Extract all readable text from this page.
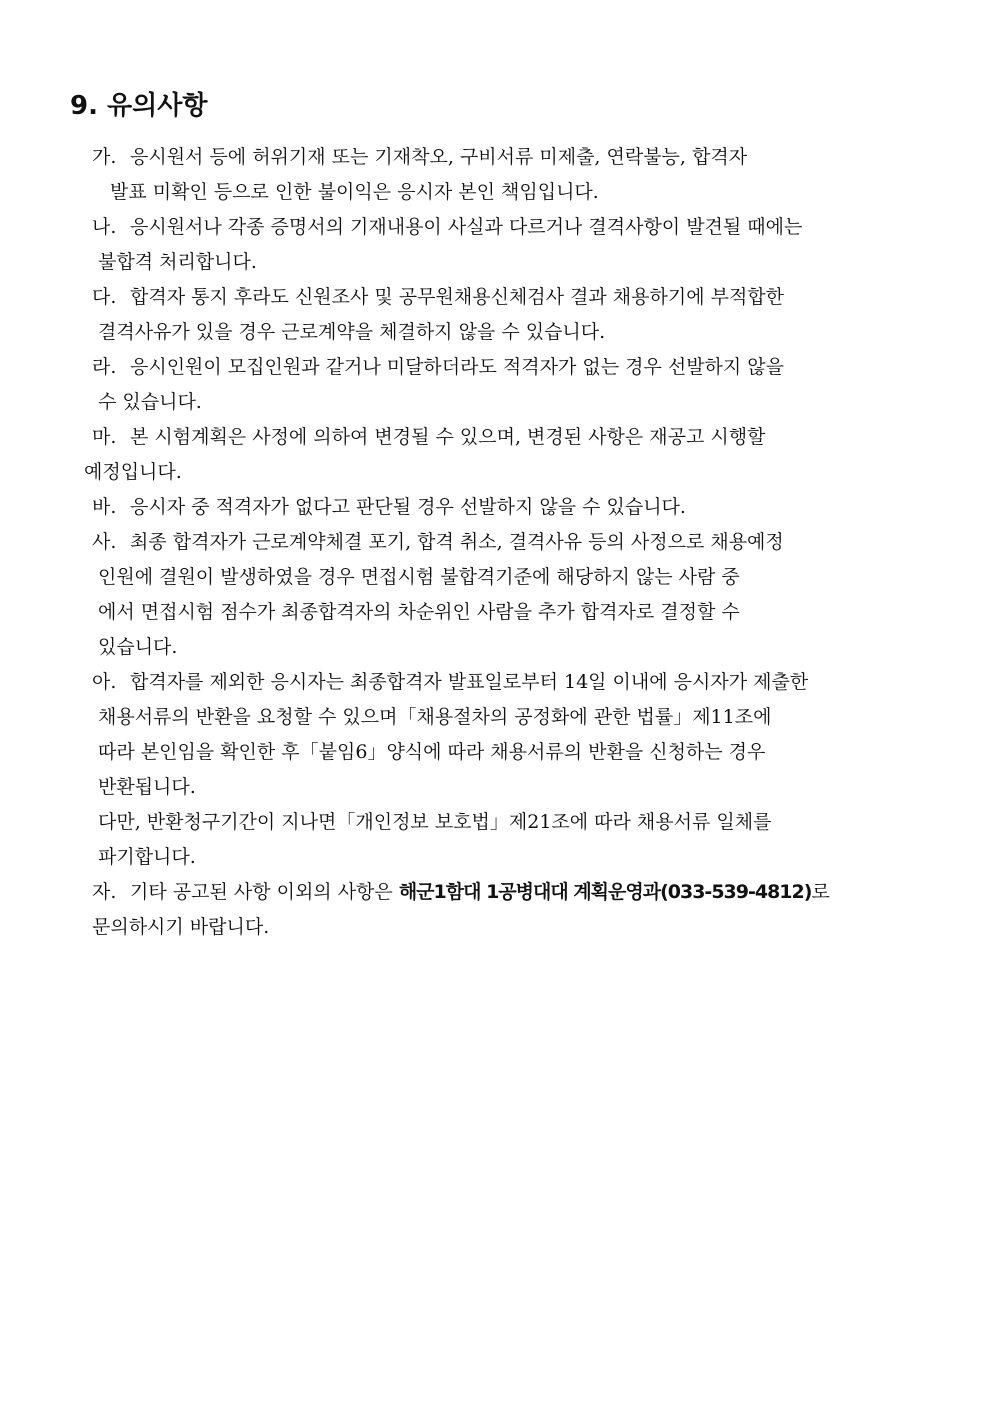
9. 유의사항
가. 응시원서 등에 허위기재 또는 기재착오, 구비서류 미제출, 연락불능, 합격자
발표 미확인 등으로 인한 불이익은 응시자 본인 책임입니다.
나. 응시원서나 각종 증명서의 기재내용이 사실과 다르거나 결격사항이 발견될 때에는
불합격 처리합니다.
다. 합격자 통지 후라도 신원조사 및 공무원채용신체검사 결과 채용하기에 부적합한
결격사유가 있을 경우 근로계약을 체결하지 않을 수 있습니다.
라. 응시인원이 모집인원과 같거나 미달하더라도 적격자가 없는 경우 선발하지 않을
수 있습니다.
마. 본 시험계획은 사정에 의하여 변경될 수 있으며, 변경된 사항은 재공고 시행할
예정입니다.
바. 응시자 중 적격자가 없다고 판단될 경우 선발하지 않을 수 있습니다.
사. 최종 합격자가 근로계약체결 포기, 합격 취소, 결격사유 등의 사정으로 채용예정
인원에 결원이 발생하였을 경우 면접시험 불합격기준에 해당하지 않는 사람 중
에서 면접시험 점수가 최종합격자의 차순위인 사람을 추가 합격자로 결정할 수
있습니다.
아. 합격자를 제외한 응시자는 최종합격자 발표일로부터 14일 이내에 응시자가 제출한
채용서류의 반환을 요청할 수 있으며「채용절차의 공정화에 관한 법률」제11조에
따라 본인임을 확인한 후「붙임6」양식에 따라 채용서류의 반환을 신청하는 경우
반환됩니다.
다만, 반환청구기간이 지나면「개인정보 보호법」제21조에 따라 채용서류 일체를
파기합니다.
자. 기타 공고된 사항 이외의 사항은 해군1함대 1공병대대 계획운영과(033-539-4812)로
문의하시기 바랍니다.
